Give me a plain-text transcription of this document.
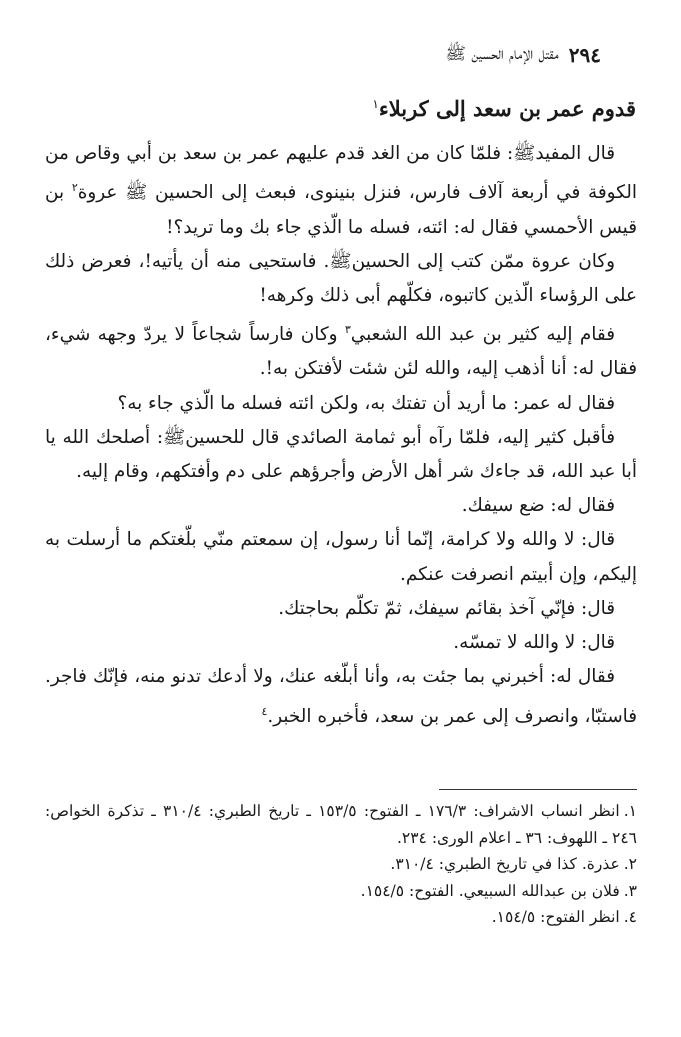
٢٩٤
مقتل الإمام الحسين ﷺ
قدوم عمر بن سعد إلى كربلاء$^١$

قال المفيدﷺ: فلمّا كان من الغد قدم عليهم عمر بن سعد بن أبي وقاص من الكوفة في أربعة آلاف فارس، فنزل بنينوى، فبعث إلى الحسين ﷺ عروة$^٢$ بن قيس الأحمسي فقال له: ائته، فسله ما الّذي جاء بك وما تريد؟!

وكان عروة ممّن كتب إلى الحسينﷺ. فاستحيى منه أن يأتيه!، فعرض ذلك على الرؤساء الّذين كاتبوه، فكلّهم أبى ذلك وكرهه!

فقام إليه كثير بن عبد الله الشعبي$^٣$ وكان فارساً شجاعاً لا يردّ وجهه شيء، فقال له: أنا أذهب إليه، والله لئن شئت لأفتكن به!.

فقال له عمر: ما أريد أن تفتك به، ولكن ائته فسله ما الّذي جاء به؟

فأقبل كثير إليه، فلمّا رآه أبو ثمامة الصائدي قال للحسينﷺ: أصلحك الله يا أبا عبد الله، قد جاءك شر أهل الأرض وأجرؤهم على دم وأفتكهم، وقام إليه.

فقال له: ضع سيفك.

قال: لا والله ولا كرامة، إنّما أنا رسول، إن سمعتم منّي بلّغتكم ما أرسلت به إليكم، وإن أبيتم انصرفت عنكم.

قال: فإنّي آخذ بقائم سيفك، ثمّ تكلّم بحاجتك.

قال: لا والله لا تمسّه.

فقال له: أخبرني بما جئت به، وأنا أبلّغه عنك، ولا أدعك تدنو منه، فإنّك فاجر. فاستبّا، وانصرف إلى عمر بن سعد، فأخبره الخبر.$^٤$

١.انظر انساب الاشراف: ١٧٦/٣ ـ الفتوح: ١٥٣/٥ ـ تاريخ الطبري: ٣١٠/٤ ـ تذكرة الخواص: ٢٤٦ ـ اللهوف: ٣٦ ـ اعلام الورى: ٢٣٤.

٢.عذرة. كذا في تاريخ الطبري: ٣١٠/٤.

٣.فلان بن عبدالله السبيعي. الفتوح: ١٥٤/٥.

٤.انظر الفتوح: ١٥٤/٥.
